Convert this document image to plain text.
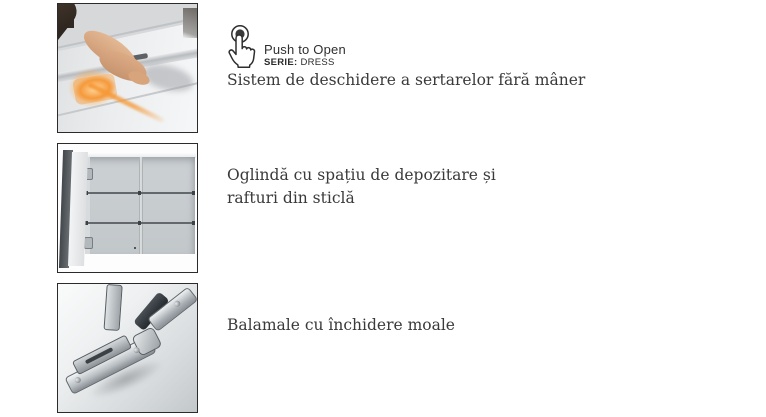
Push to Open
SERIE: DRESS

Sistem de deschidere a sertarelor fără mâner

Oglindă cu spațiu de depozitare și rafturi din sticlă

Balamale cu închidere moale
